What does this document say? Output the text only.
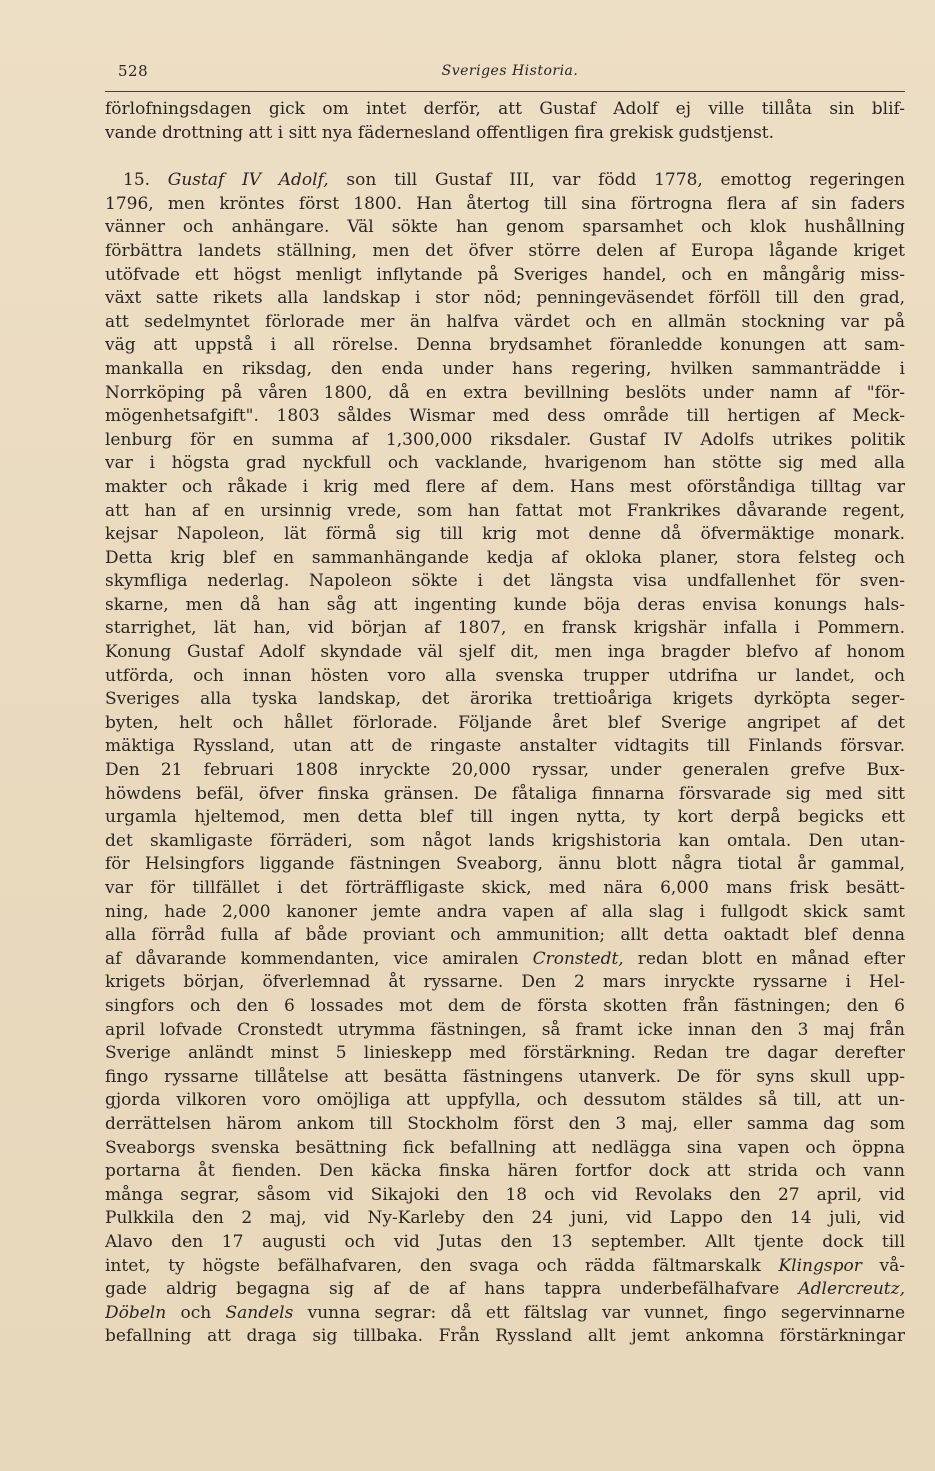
528	Sveriges Historia.
förlofningsdagen gick om intet derför, att Gustaf Adolf ej ville tillåta sin blif-
vande drottning att i sitt nya fädernesland offentligen fira grekisk gudstjenst.
15. Gustaf IV Adolf, son till Gustaf III, var född 1778, emottog regeringen
1796, men kröntes först 1800. Han återtog till sina förtrogna flera af sin faders
vänner och anhängare. Väl sökte han genom sparsamhet och klok hushållning
förbättra landets ställning, men det öfver större delen af Europa lågande kriget
utöfvade ett högst menligt inflytande på Sveriges handel, och en mångårig miss-
växt satte rikets alla landskap i stor nöd; penningeväsendet förföll till den grad,
att sedelmyntet förlorade mer än halfva värdet och en allmän stockning var på
väg att uppstå i all rörelse. Denna brydsamhet föranledde konungen att sam-
mankalla en riksdag, den enda under hans regering, hvilken sammanträdde i
Norrköping på våren 1800, då en extra bevillning beslöts under namn af "för-
mögenhetsafgift". 1803 såldes Wismar med dess område till hertigen af Meck-
lenburg för en summa af 1,300,000 riksdaler. Gustaf IV Adolfs utrikes politik
var i högsta grad nyckfull och vacklande, hvarigenom han stötte sig med alla
makter och råkade i krig med flere af dem. Hans mest oförståndiga tilltag var
att han af en ursinnig vrede, som han fattat mot Frankrikes dåvarande regent,
kejsar Napoleon, lät förmå sig till krig mot denne då öfvermäktige monark.
Detta krig blef en sammanhängande kedja af okloka planer, stora felsteg och
skymfliga nederlag. Napoleon sökte i det längsta visa undfallenhet för sven-
skarne, men då han såg att ingenting kunde böja deras envisa konungs hals-
starrighet, lät han, vid början af 1807, en fransk krigshär infalla i Pommern.
Konung Gustaf Adolf skyndade väl sjelf dit, men inga bragder blefvo af honom
utförda, och innan hösten voro alla svenska trupper utdrifna ur landet, och
Sveriges alla tyska landskap, det ärorika trettioåriga krigets dyrköpta seger-
byten, helt och hållet förlorade. Följande året blef Sverige angripet af det
mäktiga Ryssland, utan att de ringaste anstalter vidtagits till Finlands försvar.
Den 21 februari 1808 inryckte 20,000 ryssar, under generalen grefve Bux-
höwdens befäl, öfver finska gränsen. De fåtaliga finnarna försvarade sig med sitt
urgamla hjeltemod, men detta blef till ingen nytta, ty kort derpå begicks ett
det skamligaste förräderi, som något lands krigshistoria kan omtala. Den utan-
för Helsingfors liggande fästningen Sveaborg, ännu blott några tiotal år gammal,
var för tillfället i det förträffligaste skick, med nära 6,000 mans frisk besätt-
ning, hade 2,000 kanoner jemte andra vapen af alla slag i fullgodt skick samt
alla förråd fulla af både proviant och ammunition; allt detta oaktadt blef denna
af dåvarande kommendanten, vice amiralen Cronstedt, redan blott en månad efter
krigets början, öfverlemnad åt ryssarne. Den 2 mars inryckte ryssarne i Hel-
singfors och den 6 lossades mot dem de första skotten från fästningen; den 6
april lofvade Cronstedt utrymma fästningen, så framt icke innan den 3 maj från
Sverige anländt minst 5 linieskepp med förstärkning. Redan tre dagar derefter
fingo ryssarne tillåtelse att besätta fästningens utanverk. De för syns skull upp-
gjorda vilkoren voro omöjliga att uppfylla, och dessutom stäldes så till, att un-
derrättelsen härom ankom till Stockholm först den 3 maj, eller samma dag som
Sveaborgs svenska besättning fick befallning att nedlägga sina vapen och öppna
portarna åt fienden. Den käcka finska hären fortfor dock att strida och vann
många segrar, såsom vid Sikajoki den 18 och vid Revolaks den 27 april, vid
Pulkkila den 2 maj, vid Ny-Karleby den 24 juni, vid Lappo den 14 juli, vid
Alavo den 17 augusti och vid Jutas den 13 september. Allt tjente dock till
intet, ty högste befälhafvaren, den svaga och rädda fältmarskalk Klingspor vå-
gade aldrig begagna sig af de af hans tappra underbefälhafvare Adlercreutz,
Döbeln och Sandels vunna segrar: då ett fältslag var vunnet, fingo segervinnarne
befallning att draga sig tillbaka. Från Ryssland allt jemt ankomna förstärkningar
